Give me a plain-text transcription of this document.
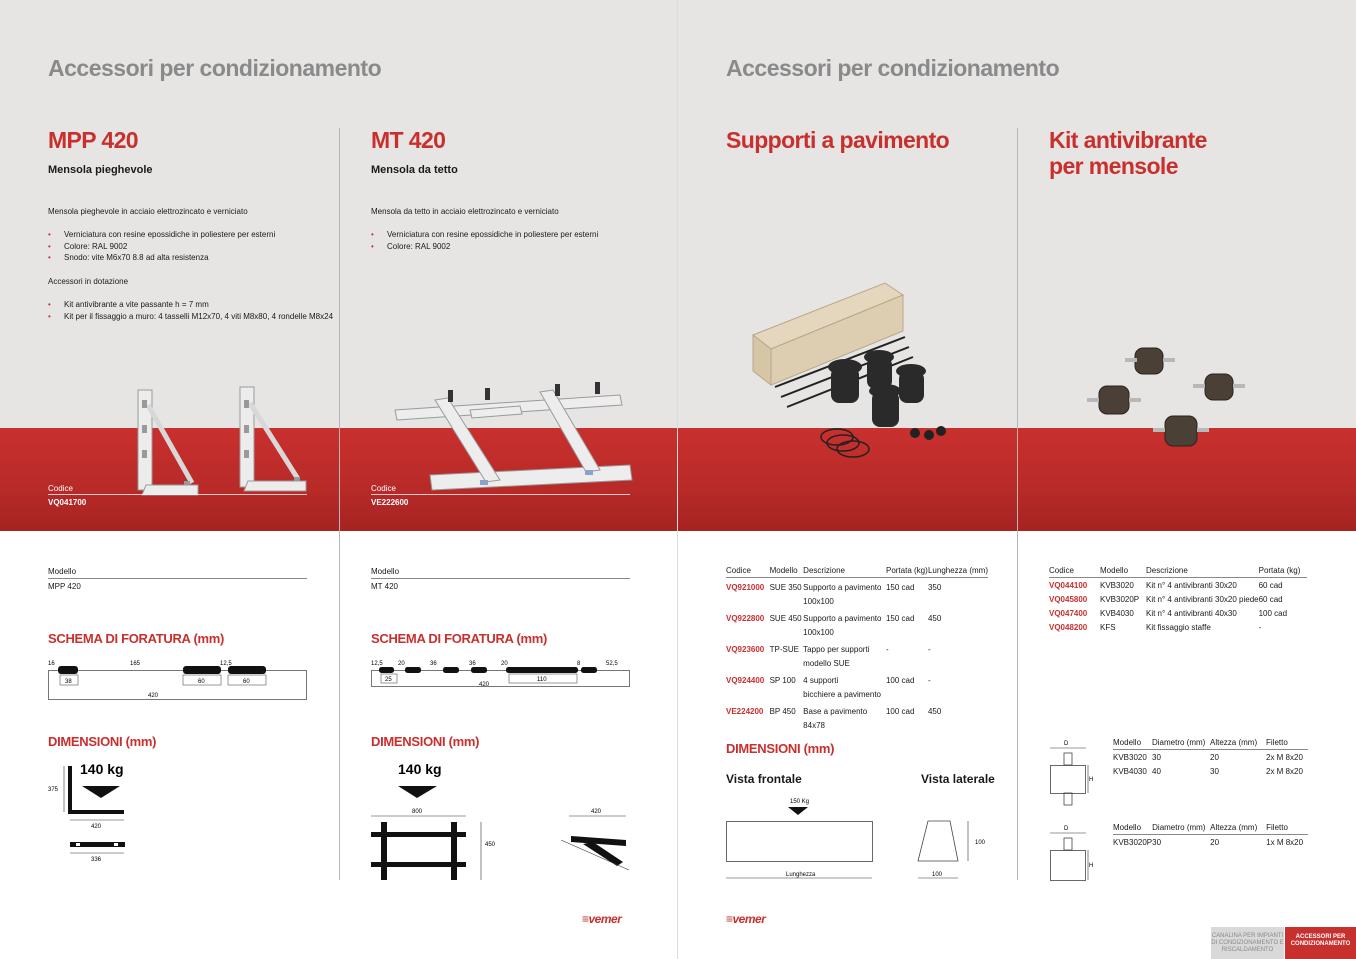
Accessori per condizionamento	Accessori per condizionamento
MPP 420
Mensola pieghevole
Mensola pieghevole in acciaio elettrozincato e verniciato
• Verniciatura con resine epossidiche in poliestere per esterni
• Colore: RAL 9002
• Snodo: vite M6x70 8.8 ad alta resistenza
Accessori in dotazione
• Kit antivibrante a vite passante h = 7 mm
• Kit per il fissaggio a muro: 4 tasselli M12x70, 4 viti M8x80, 4 rondelle M8x24
Codice
VQ041700
Modello
MPP 420
SCHEMA DI FORATURA (mm)
16	165	12,5
38	60	60
420
DIMENSIONI (mm)
140 kg
375
420
336
MT 420
Mensola da tetto
Mensola da tetto in acciaio elettrozincato e verniciato
• Verniciatura con resine epossidiche in poliestere per esterni
• Colore: RAL 9002
Codice
VE222600
Modello
MT 420
SCHEMA DI FORATURA (mm)
12,5	20	36	36	20	8	52,5
25	110
420
DIMENSIONI (mm)
140 kg
800
450
420
≡vemer
Supporti a pavimento
Codice	Modello	Descrizione	Portata (kg)	Lunghezza (mm)
VQ921000	SUE 350	Supporto a pavimento	150 cad	350
		100x100		
VQ922800	SUE 450	Supporto a pavimento	150 cad	450
		100x100		
VQ923600	TP-SUE	Tappo per supporti	-	-
		modello SUE		
VQ924400	SP 100	4 supporti	100 cad	-
		bicchiere a pavimento		
VE224200	BP 450	Base a pavimento	100 cad	450
		84x78		
DIMENSIONI (mm)
Vista frontale	Vista laterale
150 Kg
Lunghezza
100
100
≡vemer
Kit antivibrante
per mensole
Codice	Modello	Descrizione	Portata (kg)
VQ044100	KVB3020	Kit n° 4 antivibranti 30x20	60 cad
VQ045800	KVB3020P	Kit n° 4 antivibranti 30x20 piede	60 cad
VQ047400	KVB4030	Kit n° 4 antivibranti 40x30	100 cad
VQ048200	KFS	Kit fissaggio staffe	-
D
H
Modello	Diametro (mm)	Altezza (mm)	Filetto
KVB3020	30	20	2x M 8x20
KVB4030	40	30	2x M 8x20
D
H
Modello	Diametro (mm)	Altezza (mm)	Filetto
KVB3020P	30	20	1x M 8x20
CANALINA PER IMPIANTI DI CONDIZIONAMENTO E RISCALDAMENTO
ACCESSORI PER CONDIZIONAMENTO
